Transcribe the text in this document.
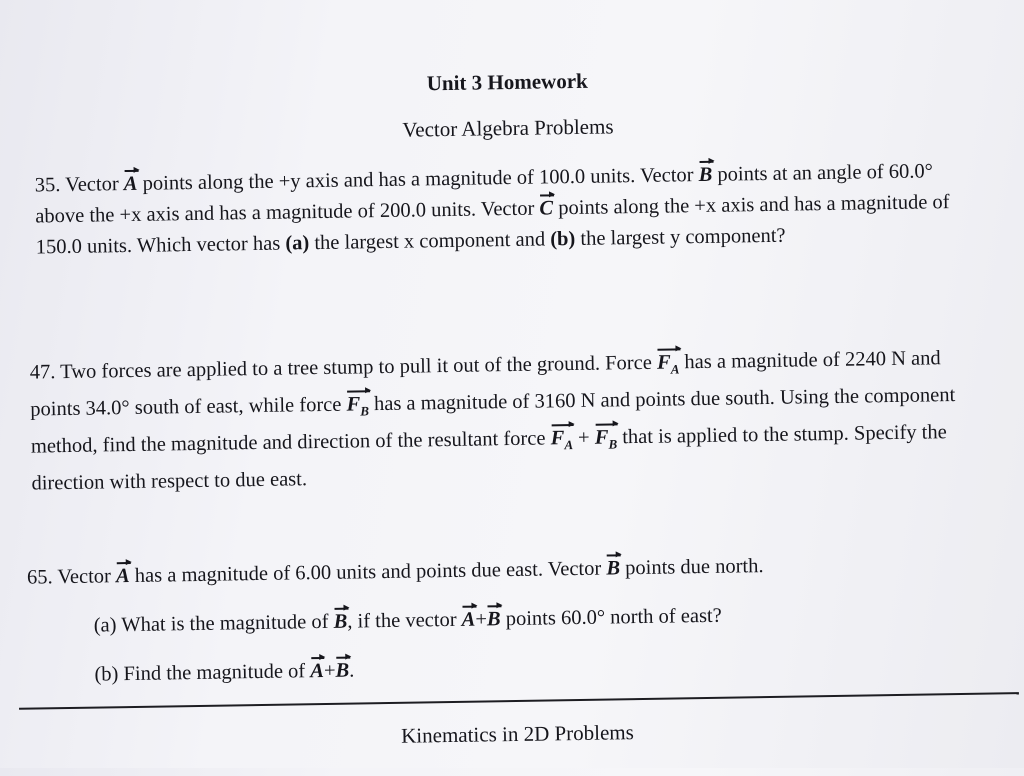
Unit 3 Homework
Vector Algebra Problems
35. Vector A points along the +y axis and has a magnitude of 100.0 units. Vector B points at an angle of 60.0° above the +x axis and has a magnitude of 200.0 units. Vector C points along the +x axis and has a magnitude of 150.0 units. Which vector has (a) the largest x component and (b) the largest y component?
47. Two forces are applied to a tree stump to pull it out of the ground. Force $F_A$ has a magnitude of 2240 N and points 34.0° south of east, while force $F_B$ has a magnitude of 3160 N and points due south. Using the component method, find the magnitude and direction of the resultant force $F_A + F_B$ that is applied to the stump. Specify the direction with respect to due east.
65. Vector A has a magnitude of 6.00 units and points due east. Vector B points due north.
(a) What is the magnitude of B, if the vector A+B points 60.0° north of east?
(b) Find the magnitude of A+B.
Kinematics in 2D Problems
